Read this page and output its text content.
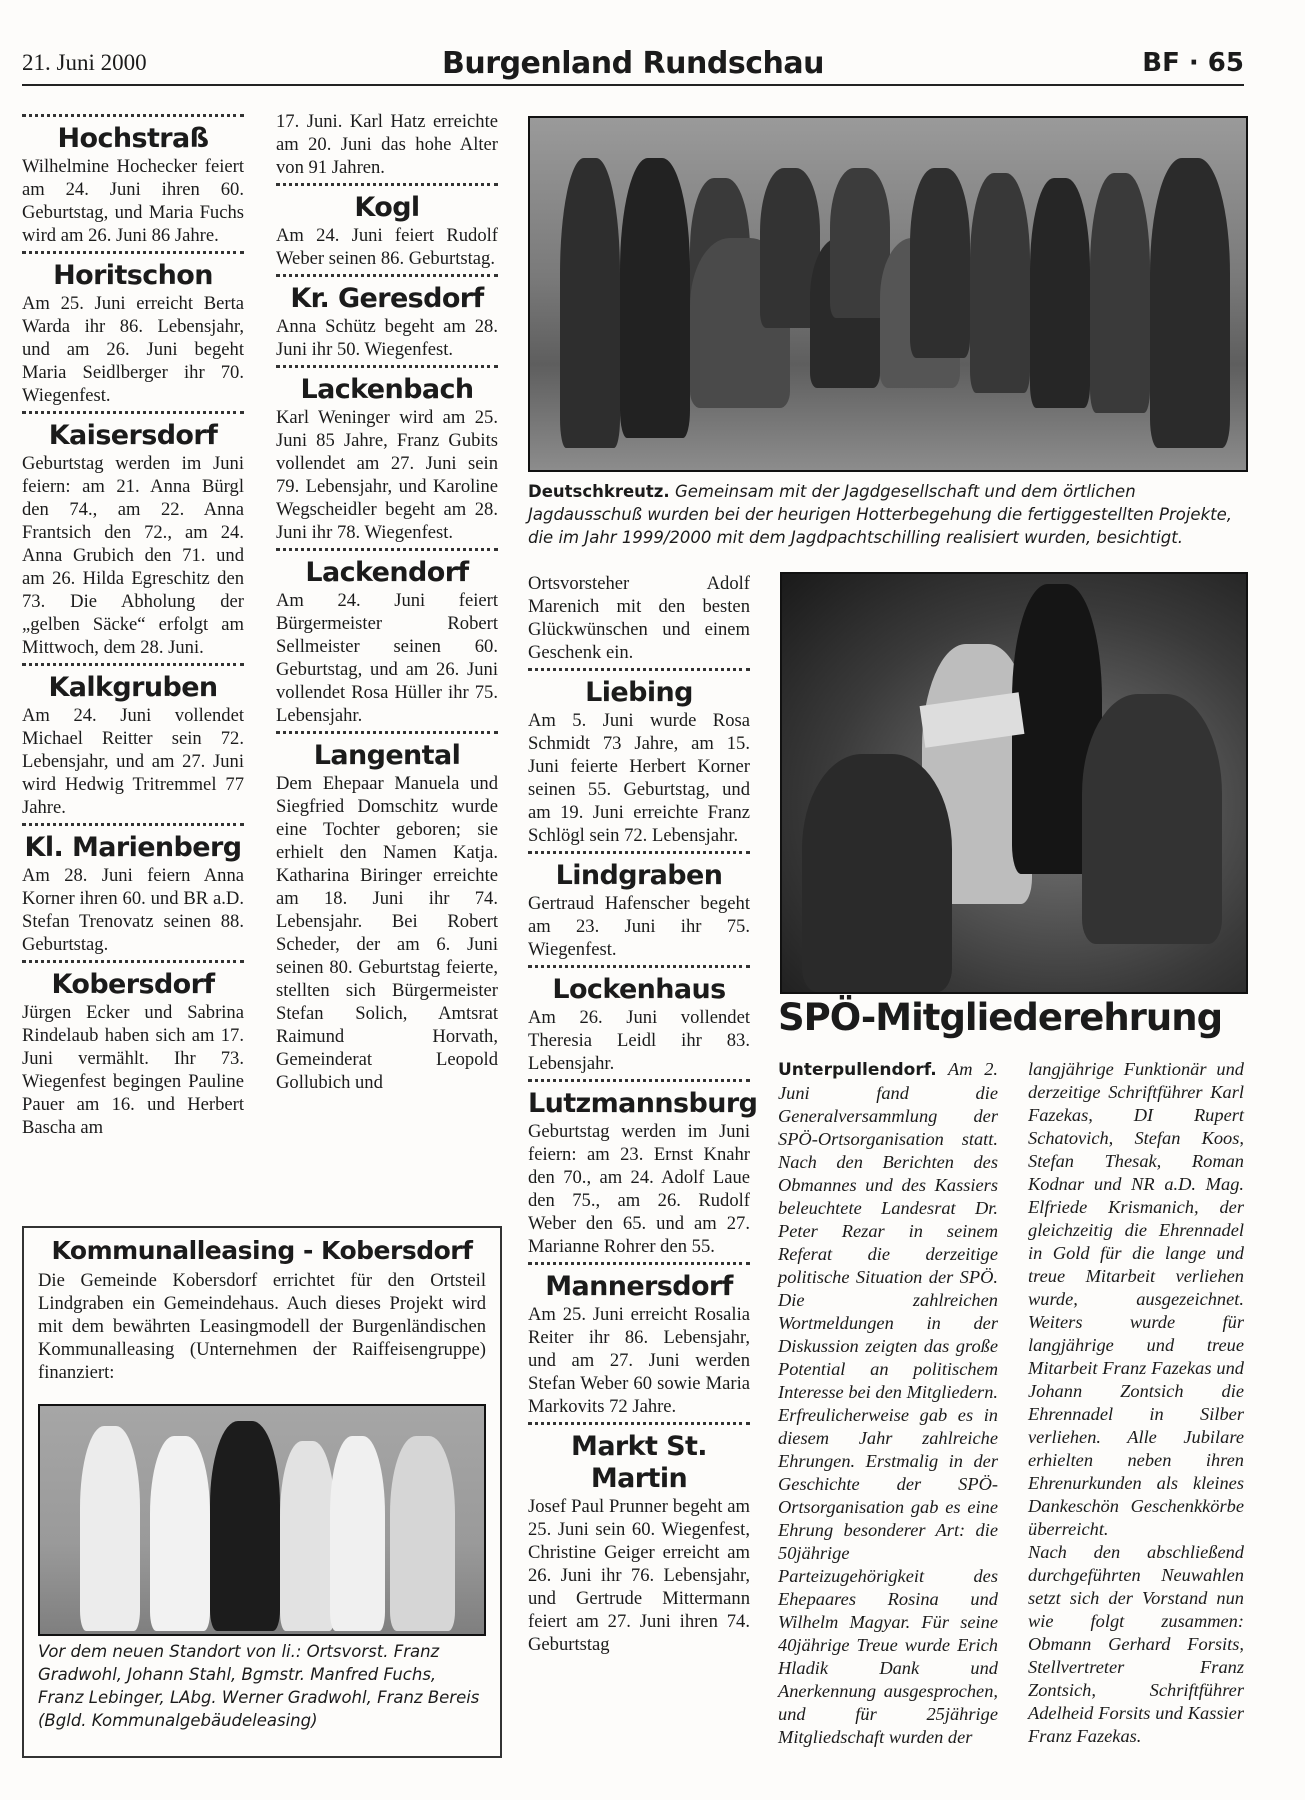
21. Juni 2000	Burgenland Rundschau	BF · 65
Hochstraß

Wilhelmine Hochecker feiert am 24. Juni ihren 60. Geburtstag, und Maria Fuchs wird am 26. Juni 86 Jahre.

Horitschon

Am 25. Juni erreicht Berta Warda ihr 86. Lebensjahr, und am 26. Juni begeht Maria Seidlberger ihr 70. Wiegenfest.

Kaisersdorf

Geburtstag werden im Juni feiern: am 21. Anna Bürgl den 74., am 22. Anna Frantsich den 72., am 24. Anna Grubich den 71. und am 26. Hilda Egreschitz den 73. Die Abholung der „gelben Säcke“ erfolgt am Mittwoch, dem 28. Juni.

Kalkgruben

Am 24. Juni vollendet Michael Reitter sein 72. Lebensjahr, und am 27. Juni wird Hedwig Tritremmel 77 Jahre.

Kl. Marienberg

Am 28. Juni feiern Anna Korner ihren 60. und BR a.D. Stefan Trenovatz seinen 88. Geburtstag.

Kobersdorf

Jürgen Ecker und Sabrina Rindelaub haben sich am 17. Juni vermählt. Ihr 73. Wiegenfest begingen Pauline Pauer am 16. und Herbert Bascha am

17. Juni. Karl Hatz erreichte am 20. Juni das hohe Alter von 91 Jahren.

Kogl

Am 24. Juni feiert Rudolf Weber seinen 86. Geburtstag.

Kr. Geresdorf

Anna Schütz begeht am 28. Juni ihr 50. Wiegenfest.

Lackenbach

Karl Weninger wird am 25. Juni 85 Jahre, Franz Gubits vollendet am 27. Juni sein 79. Lebensjahr, und Karoline Wegscheidler begeht am 28. Juni ihr 78. Wiegenfest.

Lackendorf

Am 24. Juni feiert Bürgermeister Robert Sellmeister seinen 60. Geburtstag, und am 26. Juni vollendet Rosa Hüller ihr 75. Lebensjahr.

Langental

Dem Ehepaar Manuela und Siegfried Domschitz wurde eine Tochter geboren; sie erhielt den Namen Katja. Katharina Biringer erreichte am 18. Juni ihr 74. Lebensjahr. Bei Robert Scheder, der am 6. Juni seinen 80. Geburtstag feierte, stellten sich Bürgermeister Stefan Solich, Amtsrat Raimund Horvath, Gemeinderat Leopold Gollubich und

Deutschkreutz. Gemeinsam mit der Jagdgesellschaft und dem örtlichen Jagdausschuß wurden bei der heurigen Hotterbegehung die fertiggestellten Projekte, die im Jahr 1999/2000 mit dem Jagdpachtschilling realisiert wurden, besichtigt.

Ortsvorsteher Adolf Marenich mit den besten Glückwünschen und einem Geschenk ein.

Liebing

Am 5. Juni wurde Rosa Schmidt 73 Jahre, am 15. Juni feierte Herbert Korner seinen 55. Geburtstag, und am 19. Juni erreichte Franz Schlögl sein 72. Lebensjahr.

Lindgraben

Gertraud Hafenscher begeht am 23. Juni ihr 75. Wiegenfest.

Lockenhaus

Am 26. Juni vollendet Theresia Leidl ihr 83. Lebensjahr.

Lutzmannsburg

Geburtstag werden im Juni feiern: am 23. Ernst Knahr den 70., am 24. Adolf Laue den 75., am 26. Rudolf Weber den 65. und am 27. Marianne Rohrer den 55.

Mannersdorf

Am 25. Juni erreicht Rosalia Reiter ihr 86. Lebensjahr, und am 27. Juni werden Stefan Weber 60 sowie Maria Markovits 72 Jahre.

Markt St. Martin

Josef Paul Prunner begeht am 25. Juni sein 60. Wiegenfest, Christine Geiger erreicht am 26. Juni ihr 76. Lebensjahr, und Gertrude Mittermann feiert am 27. Juni ihren 74. Geburtstag

SPÖ-Mitgliederehrung

Unterpullendorf. Am 2. Juni fand die Generalversammlung der SPÖ-Ortsorganisation statt. Nach den Berichten des Obmannes und des Kassiers beleuchtete Landesrat Dr. Peter Rezar in seinem Referat die derzeitige politische Situation der SPÖ. Die zahlreichen Wortmeldungen in der Diskussion zeigten das große Potential an politischem Interesse bei den Mitgliedern. Erfreulicherweise gab es in diesem Jahr zahlreiche Ehrungen. Erstmalig in der Geschichte der SPÖ-Ortsorganisation gab es eine Ehrung besonderer Art: die 50jährige Parteizugehörigkeit des Ehepaares Rosina und Wilhelm Magyar. Für seine 40jährige Treue wurde Erich Hladik Dank und Anerkennung ausgesprochen, und für 25jährige Mitgliedschaft wurden der

langjährige Funktionär und derzeitige Schriftführer Karl Fazekas, DI Rupert Schatovich, Stefan Koos, Stefan Thesak, Roman Kodnar und NR a.D. Mag. Elfriede Krismanich, der gleichzeitig die Ehrennadel in Gold für die lange und treue Mitarbeit verliehen wurde, ausgezeichnet. Weiters wurde für langjährige und treue Mitarbeit Franz Fazekas und Johann Zontsich die Ehrennadel in Silber verliehen. Alle Jubilare erhielten neben ihren Ehrenurkunden als kleines Dankeschön Geschenkkörbe überreicht.

Nach den abschließend durchgeführten Neuwahlen setzt sich der Vorstand nun wie folgt zusammen: Obmann Gerhard Forsits, Stellvertreter Franz Zontsich, Schriftführer Adelheid Forsits und Kassier Franz Fazekas.

Kommunalleasing - Kobersdorf

Die Gemeinde Kobersdorf errichtet für den Ortsteil Lindgraben ein Gemeindehaus. Auch dieses Projekt wird mit dem bewährten Leasingmodell der Burgenländischen Kommunalleasing (Unternehmen der Raiffeisengruppe) finanziert:

Vor dem neuen Standort von li.: Ortsvorst. Franz Gradwohl, Johann Stahl, Bgmstr. Manfred Fuchs, Franz Lebinger, LAbg. Werner Gradwohl, Franz Bereis (Bgld. Kommunalgebäudeleasing)
